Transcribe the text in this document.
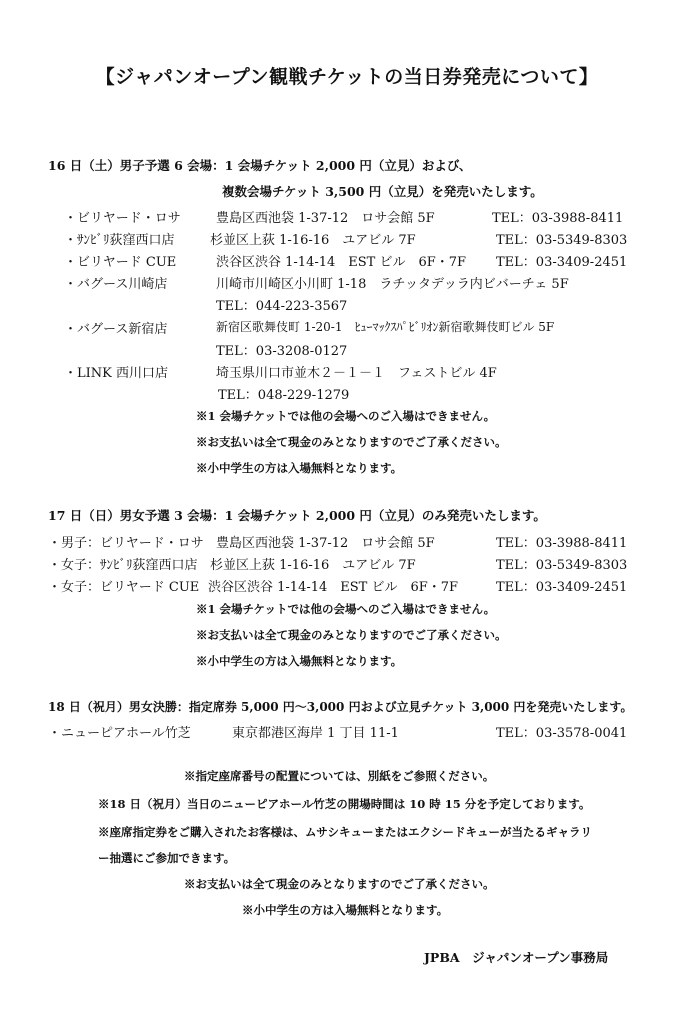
【ジャパンオープン観戦チケットの当日券発売について】
16 日（土）男子予選 6 会場：1 会場チケット 2,000 円（立見）および、
複数会場チケット 3,500 円（立見）を発売いたします。
・ビリヤード・ロサ	豊島区西池袋 1-37-12　ロサ会館 5F	TEL：03-3988-8411
・ｻﾝﾋﾞﾘ荻窪西口店	杉並区上荻 1-16-16　ユアビル 7F	TEL：03-5349-8303
・ビリヤード CUE	渋谷区渋谷 1-14-14　EST ビル　6F・7F TEL：03-3409-2451
・バグース川崎店	川崎市川崎区小川町 1-18　ラチッタデッラ内ビバーチェ 5F
TEL：044-223-3567
・バグース新宿店	新宿区歌舞伎町 1-20-1　ﾋｭｰﾏｯｸｽﾊﾟﾋﾞﾘｵﾝ新宿歌舞伎町ビル 5F
TEL：03-3208-0127
・LINK 西川口店	埼玉県川口市並木２－１－１　フェストビル 4F
TEL：048-229-1279
※1 会場チケットでは他の会場へのご入場はできません。
※お支払いは全て現金のみとなりますのでご了承ください。
※小中学生の方は入場無料となります。
17 日（日）男女予選 3 会場：1 会場チケット 2,000 円（立見）のみ発売いたします。
・男子：ビリヤード・ロサ 豊島区西池袋 1-37-12　ロサ会館 5F	TEL：03-3988-8411
・女子：ｻﾝﾋﾞﾘ荻窪西口店 杉並区上荻 1-16-16　ユアビル 7F	TEL：03-5349-8303
・女子：ビリヤード CUE 渋谷区渋谷 1-14-14　EST ビル　6F・7F	TEL：03-3409-2451
※1 会場チケットでは他の会場へのご入場はできません。
※お支払いは全て現金のみとなりますのでご了承ください。
※小中学生の方は入場無料となります。
18 日（祝月）男女決勝：指定席券 5,000 円～3,000 円および立見チケット 3,000 円を発売いたします。
・ニューピアホール竹芝	東京都港区海岸 1 丁目 11-1	TEL：03-3578-0041
※指定座席番号の配置については、別紙をご参照ください。
※18 日（祝月）当日のニューピアホール竹芝の開場時間は 10 時 15 分を予定しております。
※座席指定券をご購入されたお客様は、ムサシキューまたはエクシードキューが当たるギャラリ
ー抽選にご参加できます。
※お支払いは全て現金のみとなりますのでご了承ください。
※小中学生の方は入場無料となります。
JPBA　ジャパンオープン事務局
